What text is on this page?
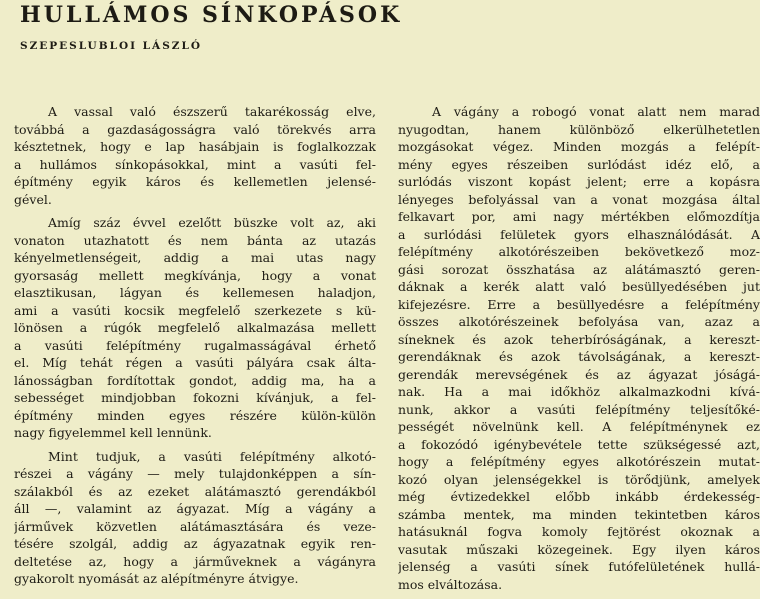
HULLÁMOS SÍNKOPÁSOK
SZEPESLUBLOI LÁSZLÓ

A vassal való észszerű takarékosság elve,
továbbá a gazdaságosságra való törekvés arra
késztetnek, hogy e lap hasábjain is foglalkozzak
a hullámos sínkopásokkal, mint a vasúti fel-
építmény egyik káros és kellemetlen jelensé-
gével.

Amíg száz évvel ezelőtt büszke volt az, aki
vonaton utazhatott és nem bánta az utazás
kényelmetlenségeit, addig a mai utas nagy
gyorsaság mellett megkívánja, hogy a vonat
elasztikusan, lágyan és kellemesen haladjon,
ami a vasúti kocsik megfelelő szerkezete s kü-
lönösen a rúgók megfelelő alkalmazása mellett
a vasúti felépítmény rugalmasságával érhető
el. Míg tehát régen a vasúti pályára csak álta-
lánosságban fordítottak gondot, addig ma, ha a
sebességet mindjobban fokozni kívánjuk, a fel-
építmény minden egyes részére külön-külön
nagy figyelemmel kell lennünk.

Mint tudjuk, a vasúti felépítmény alkotó-
részei a vágány — mely tulajdonképpen a sín-
szálakból és az ezeket alátámasztó gerendákból
áll —, valamint az ágyazat. Míg a vágány a
járművek közvetlen alátámasztására és veze-
tésére szolgál, addig az ágyazatnak egyik ren-
deltetése az, hogy a járműveknek a vágányra
gyakorolt nyomását az alépítményre átvigye.

A vágány a robogó vonat alatt nem marad
nyugodtan, hanem különböző elkerülhetetlen
mozgásokat végez. Minden mozgás a felépít-
mény egyes részeiben surlódást idéz elő, a
surlódás viszont kopást jelent; erre a kopásra
lényeges befolyással van a vonat mozgása által
felkavart por, ami nagy mértékben előmozdítja
a surlódási felületek gyors elhasználódását. A
felépítmény alkotórészeiben bekövetkező moz-
gási sorozat összhatása az alátámasztó geren-
dáknak a kerék alatt való besüllyedésében jut
kifejezésre. Erre a besüllyedésre a felépítmény
összes alkotórészeinek befolyása van, azaz a
síneknek és azok teherbíróságának, a kereszt-
gerendáknak és azok távolságának, a kereszt-
gerendák merevségének és az ágyazat jóságá-
nak. Ha a mai időkhöz alkalmazkodni kívá-
nunk, akkor a vasúti felépítmény teljesítőké-
pességét növelnünk kell. A felépítménynek ez
a fokozódó igénybevétele tette szükségessé azt,
hogy a felépítmény egyes alkotórészein mutat-
kozó olyan jelenségekkel is törődjünk, amelyek
még évtizedekkel előbb inkább érdekesség-
számba mentek, ma minden tekintetben káros
hatásuknál fogva komoly fejtörést okoznak a
vasutak műszaki közegeinek. Egy ilyen káros
jelenség a vasúti sínek futófelületének hullá-
mos elváltozása.
